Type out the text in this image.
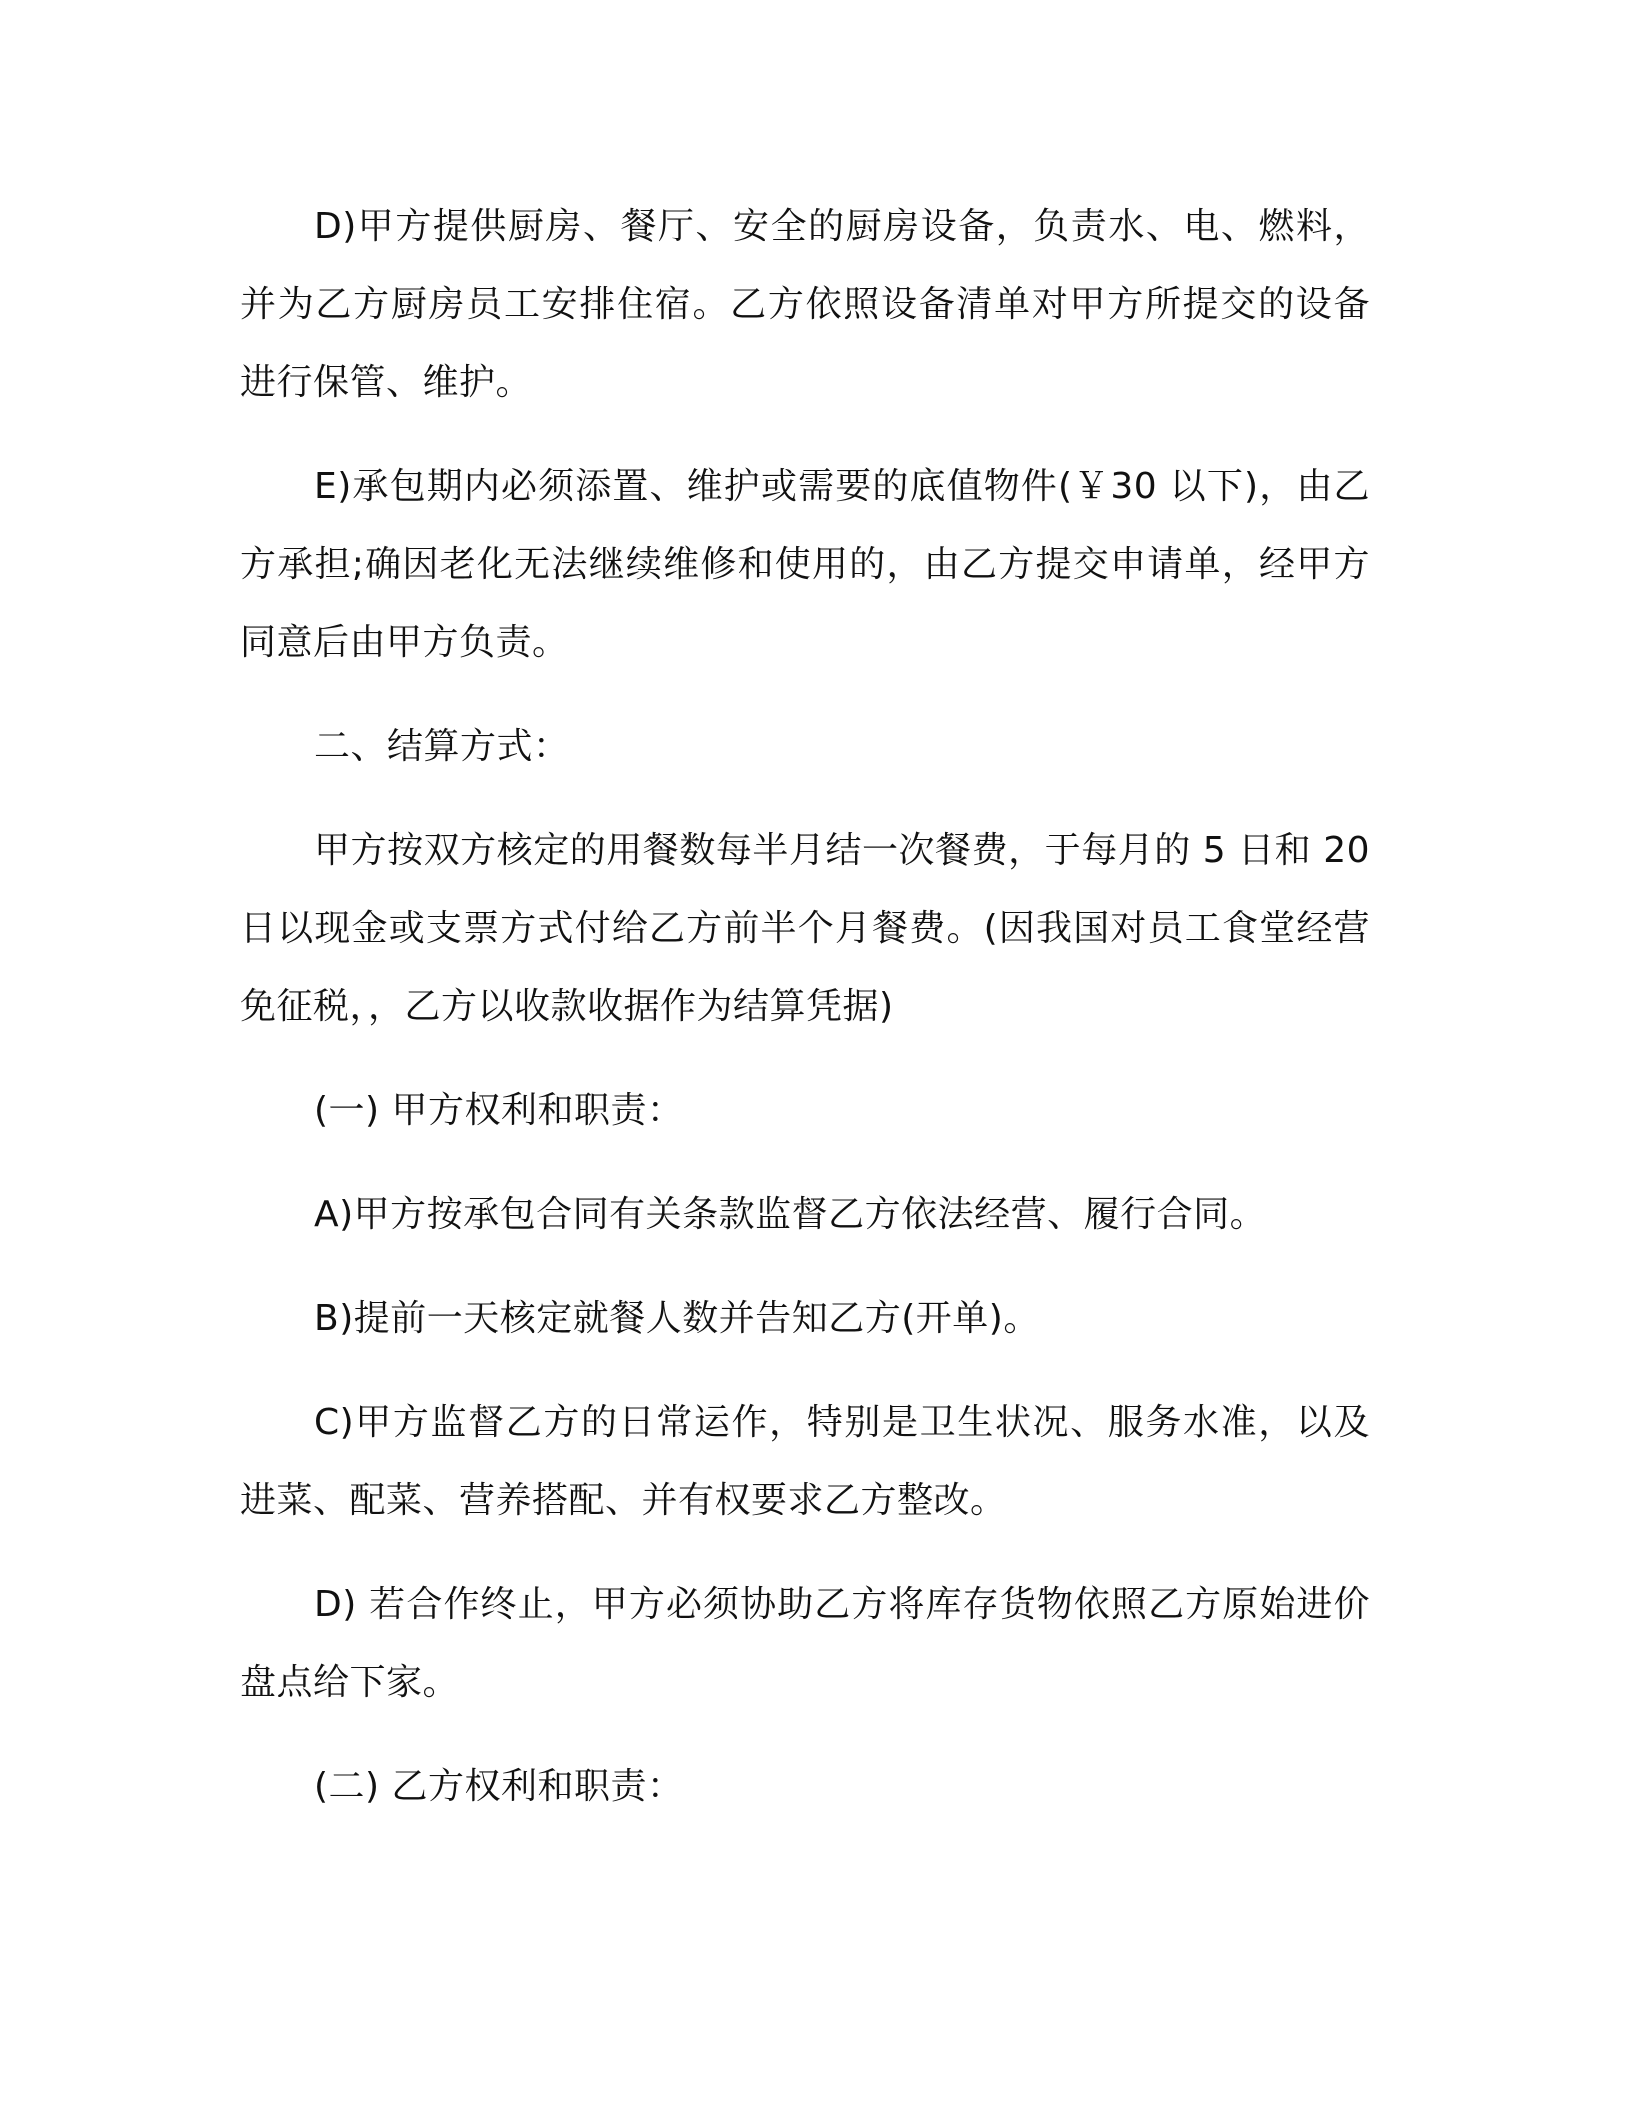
D)甲方提供厨房、餐厅、安全的厨房设备，负责水、电、燃料，并为乙方厨房员工安排住宿。乙方依照设备清单对甲方所提交的设备进行保管、维护。

E)承包期内必须添置、维护或需要的底值物件(￥30 以下)，由乙方承担;确因老化无法继续维修和使用的，由乙方提交申请单，经甲方同意后由甲方负责。

二、结算方式：

甲方按双方核定的用餐数每半月结一次餐费，于每月的 5 日和 20 日以现金或支票方式付给乙方前半个月餐费。(因我国对员工食堂经营免征税，，乙方以收款收据作为结算凭据)

(一) 甲方权利和职责：

A)甲方按承包合同有关条款监督乙方依法经营、履行合同。

B)提前一天核定就餐人数并告知乙方(开单)。

C)甲方监督乙方的日常运作，特别是卫生状况、服务水准，以及进菜、配菜、营养搭配、并有权要求乙方整改。

D) 若合作终止，甲方必须协助乙方将库存货物依照乙方原始进价盘点给下家。

(二) 乙方权利和职责：
